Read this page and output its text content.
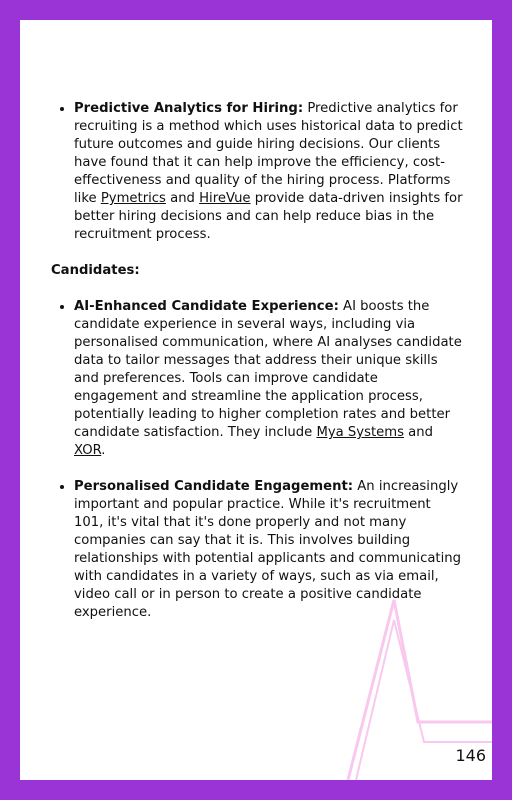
• Predictive Analytics for Hiring: Predictive analytics for recruiting is a method which uses historical data to predict future outcomes and guide hiring decisions. Our clients have found that it can help improve the efficiency, cost-effectiveness and quality of the hiring process. Platforms like Pymetrics and HireVue provide data-driven insights for better hiring decisions and can help reduce bias in the recruitment process.
Candidates:
• AI-Enhanced Candidate Experience: AI boosts the candidate experience in several ways, including via personalised communication, where AI analyses candidate data to tailor messages that address their unique skills and preferences. Tools can improve candidate engagement and streamline the application process, potentially leading to higher completion rates and better candidate satisfaction. They include Mya Systems and XOR.
• Personalised Candidate Engagement: An increasingly important and popular practice. While it's recruitment 101, it's vital that it's done properly and not many companies can say that it is. This involves building relationships with potential applicants and communicating with candidates in a variety of ways, such as via email, video call or in person to create a positive candidate experience.
146
